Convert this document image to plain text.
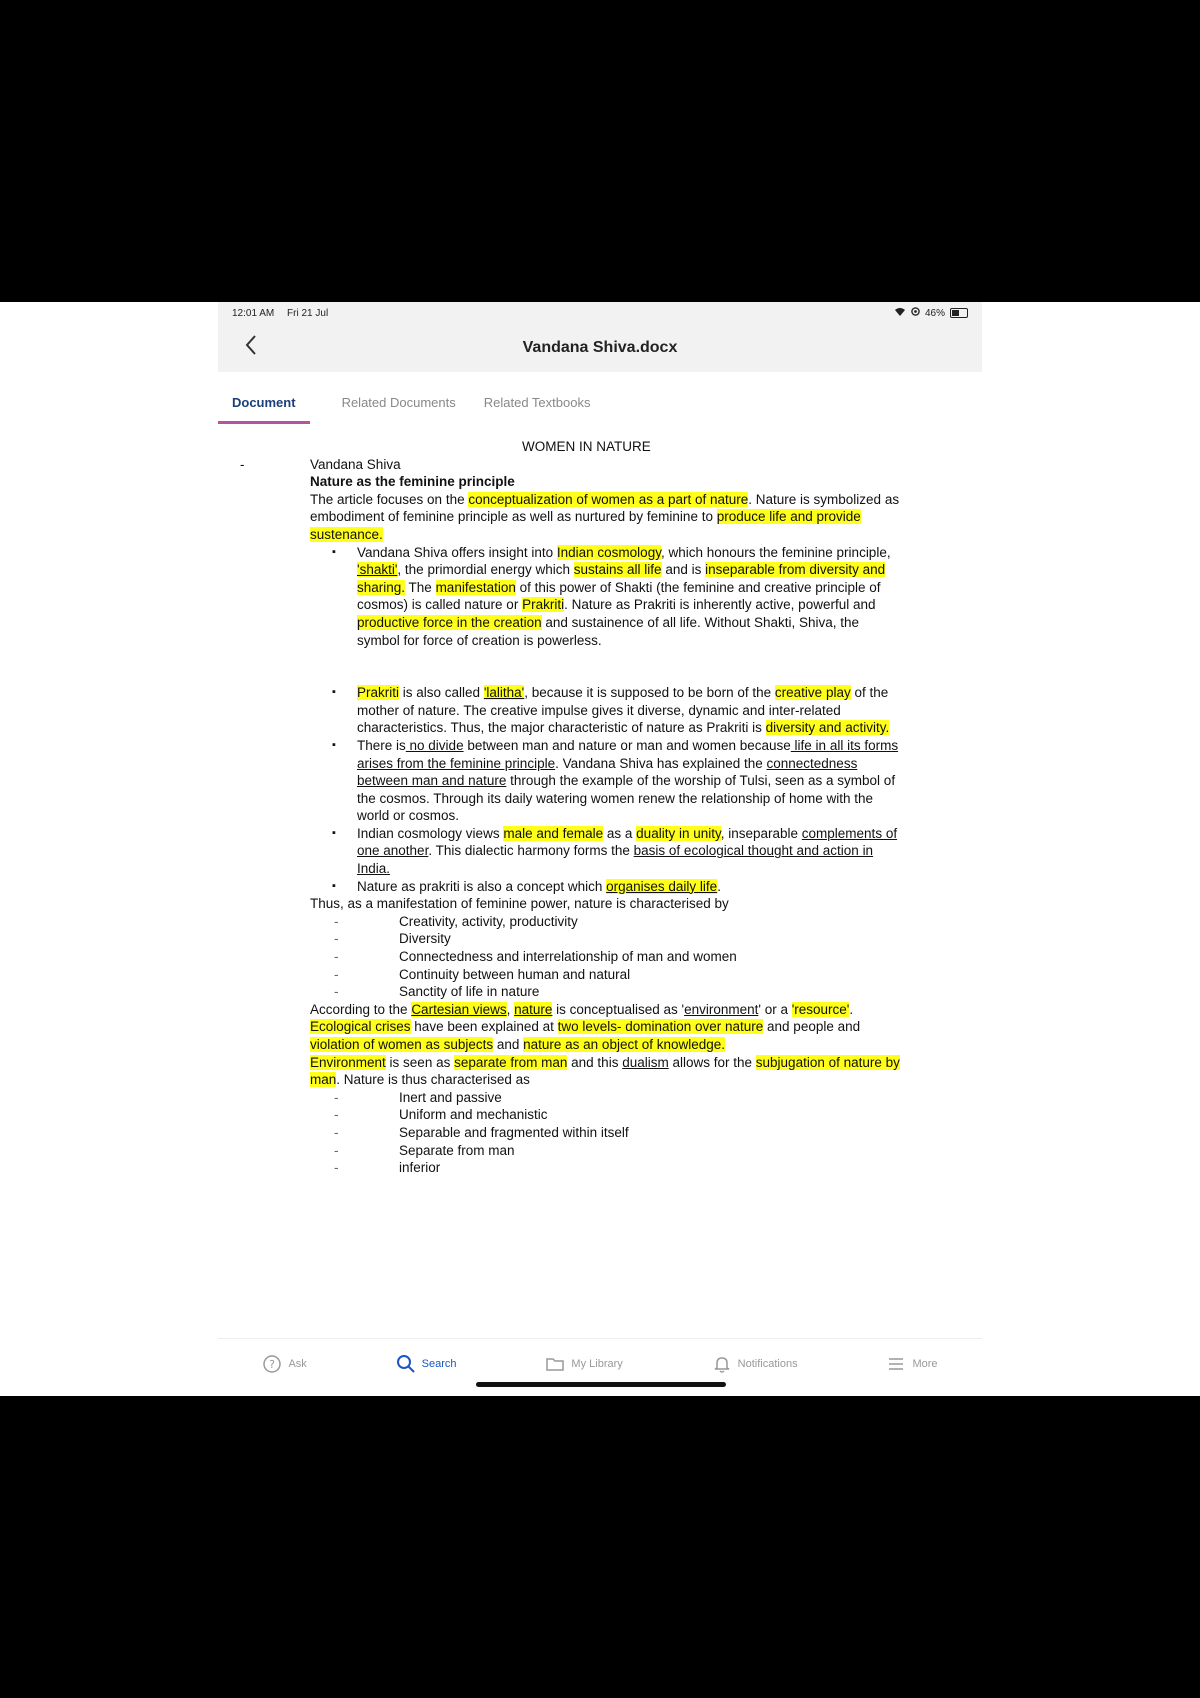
12:01 AM Fri 21 Jul	46%
Vandana Shiva.docx
Document	Related Documents	Related Textbooks

WOMEN IN NATURE

-	Vandana Shiva

Nature as the feminine principle

The article focuses on the conceptualization of women as a part of nature. Nature is symbolized as embodiment of feminine principle as well as nurtured by feminine to produce life and provide sustenance.

▪ Vandana Shiva offers insight into Indian cosmology, which honours the feminine principle, 'shakti', the primordial energy which sustains all life and is inseparable from diversity and sharing. The manifestation of this power of Shakti (the feminine and creative principle of cosmos) is called nature or Prakriti. Nature as Prakriti is inherently active, powerful and productive force in the creation and sustainence of all life. Without Shakti, Shiva, the symbol for force of creation is powerless.
▪ Prakriti is also called 'lalitha', because it is supposed to be born of the creative play of the mother of nature. The creative impulse gives it diverse, dynamic and inter-related characteristics. Thus, the major characteristic of nature as Prakriti is diversity and activity.
▪ There is no divide between man and nature or man and women because life in all its forms arises from the feminine principle. Vandana Shiva has explained the connectedness between man and nature through the example of the worship of Tulsi, seen as a symbol of the cosmos. Through its daily watering women renew the relationship of home with the world or cosmos.
▪ Indian cosmology views male and female as a duality in unity, inseparable complements of one another. This dialectic harmony forms the basis of ecological thought and action in India.
▪ Nature as prakriti is also a concept which organises daily life.

Thus, as a manifestation of feminine power, nature is characterised by

- Creativity, activity, productivity
- Diversity
- Connectedness and interrelationship of man and women
- Continuity between human and natural
- Sanctity of life in nature

According to the Cartesian views, nature is conceptualised as 'environment' or a 'resource'. Ecological crises have been explained at two levels- domination over nature and people and violation of women as subjects and nature as an object of knowledge.

Environment is seen as separate from man and this dualism allows for the subjugation of nature by man. Nature is thus characterised as

- Inert and passive
- Uniform and mechanistic
- Separable and fragmented within itself
- Separate from man
- inferior
? Ask	Search	My Library	Notifications	More
